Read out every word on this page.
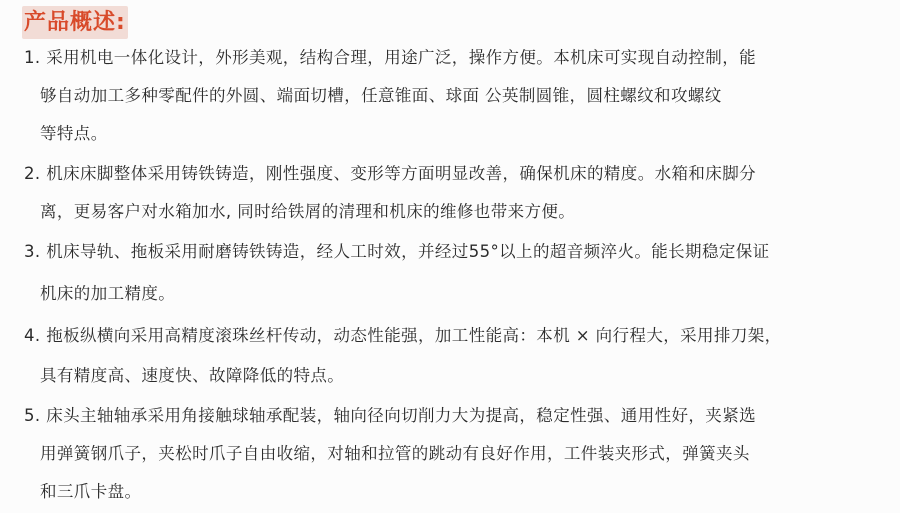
产品概述:
1. 采用机电一体化设计，外形美观，结构合理，用途广泛，操作方便。本机床可实现自动控制，能
够自动加工多种零配件的外圆、端面切槽，任意锥面、球面 公英制圆锥，圆柱螺纹和攻螺纹
等特点。
2. 机床床脚整体采用铸铁铸造，刚性强度、变形等方面明显改善，确保机床的精度。水箱和床脚分
离，更易客户对水箱加水, 同时给铁屑的清理和机床的维修也带来方便。
3. 机床导轨、拖板采用耐磨铸铁铸造，经人工时效，并经过55°以上的超音频淬火。能长期稳定保证
机床的加工精度。
4. 拖板纵横向采用高精度滚珠丝杆传动，动态性能强，加工性能高：本机 × 向行程大，采用排刀架，
具有精度高、速度快、故障降低的特点。
5. 床头主轴轴承采用角接触球轴承配装，轴向径向切削力大为提高，稳定性强、通用性好，夹紧选
用弹簧钢爪子，夹松时爪子自由收缩，对轴和拉管的跳动有良好作用，工件装夹形式，弹簧夹头
和三爪卡盘。
